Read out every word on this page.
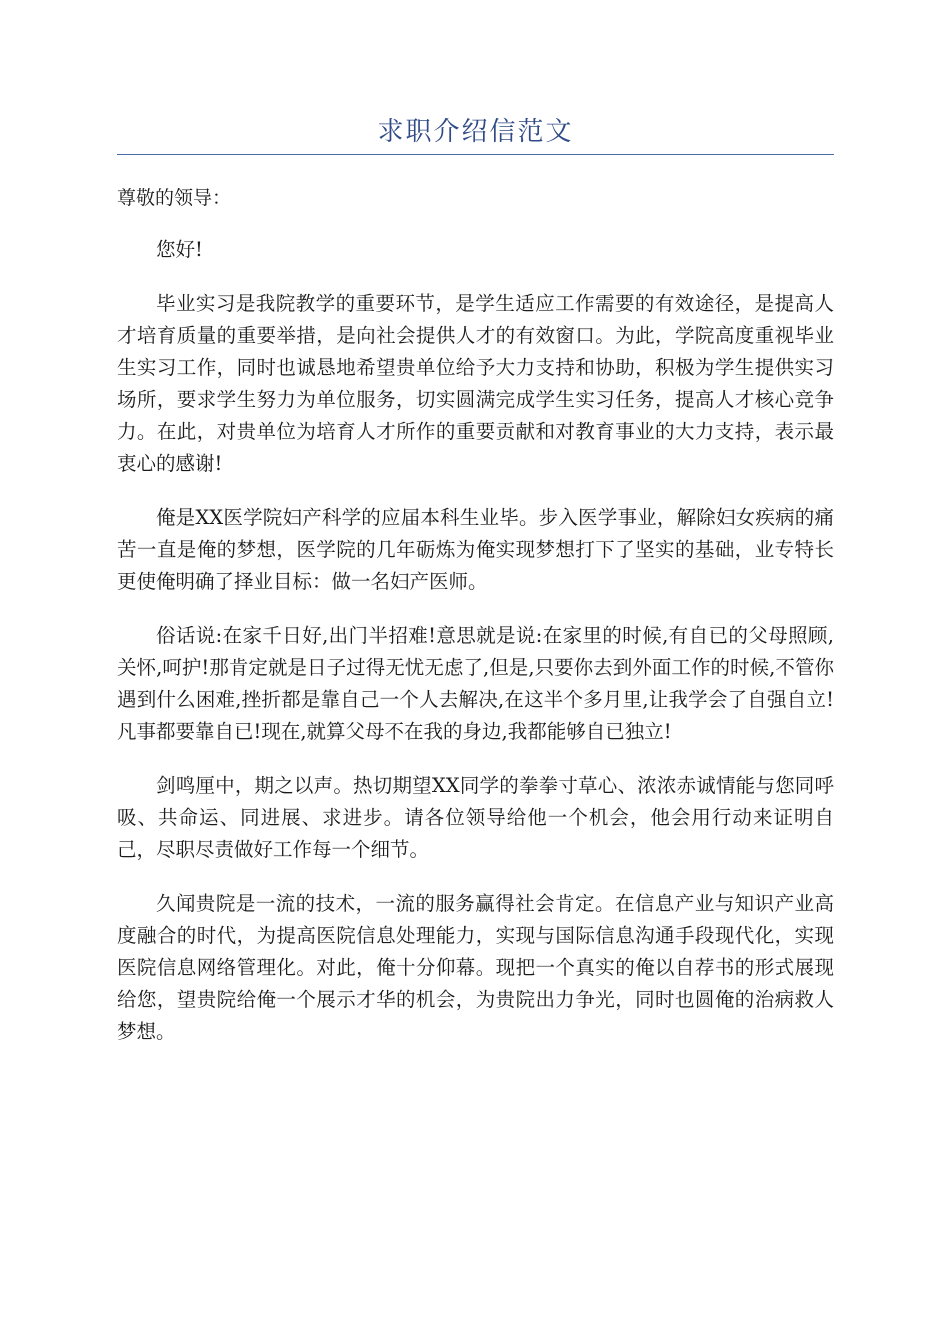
求职介绍信范文

尊敬的领导：

您好!

毕业实习是我院教学的重要环节，是学生适应工作需要的有效途径，是提高人才培育质量的重要举措，是向社会提供人才的有效窗口。为此，学院高度重视毕业生实习工作，同时也诚恳地希望贵单位给予大力支持和协助，积极为学生提供实习场所，要求学生努力为单位服务，切实圆满完成学生实习任务，提高人才核心竞争力。在此，对贵单位为培育人才所作的重要贡献和对教育事业的大力支持，表示最衷心的感谢!

俺是XX医学院妇产科学的应届本科生业毕。步入医学事业，解除妇女疾病的痛苦一直是俺的梦想，医学院的几年砺炼为俺实现梦想打下了坚实的基础，业专特长更使俺明确了择业目标：做一名妇产医师。

俗话说:在家千日好,出门半招难!意思就是说:在家里的时候,有自已的父母照顾,关怀,呵护!那肯定就是日子过得无忧无虑了,但是,只要你去到外面工作的时候,不管你遇到什么困难,挫折都是靠自己一个人去解决,在这半个多月里,让我学会了自强自立!凡事都要靠自已!现在,就算父母不在我的身边,我都能够自已独立!

剑鸣厘中，期之以声。热切期望XX同学的拳拳寸草心、浓浓赤诚情能与您同呼吸、共命运、同进展、求进步。请各位领导给他一个机会，他会用行动来证明自己，尽职尽责做好工作每一个细节。

久闻贵院是一流的技术，一流的服务赢得社会肯定。在信息产业与知识产业高度融合的时代，为提高医院信息处理能力，实现与国际信息沟通手段现代化，实现医院信息网络管理化。对此，俺十分仰幕。现把一个真实的俺以自荐书的形式展现给您，望贵院给俺一个展示才华的机会，为贵院出力争光，同时也圆俺的治病救人梦想。
